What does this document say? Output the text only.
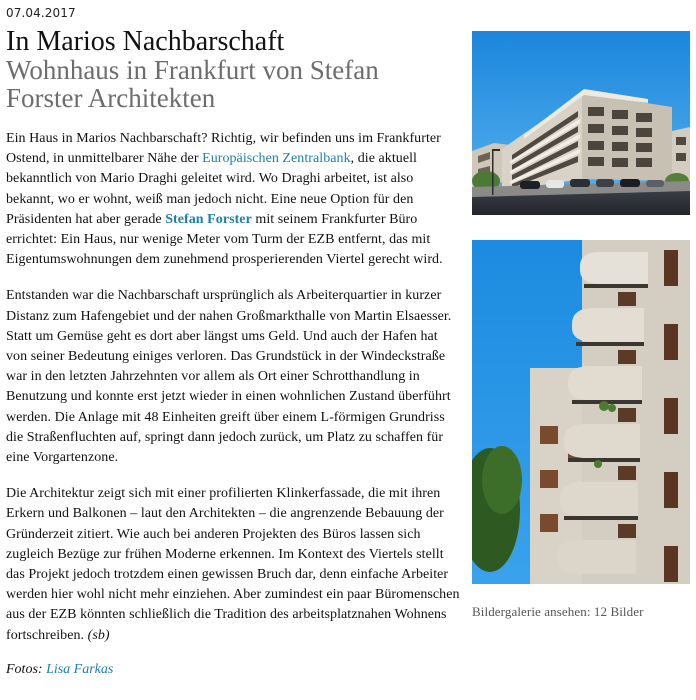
07.04.2017
In Marios Nachbarschaft
Wohnhaus in Frankfurt von Stefan Forster Architekten

Ein Haus in Marios Nachbarschaft? Richtig, wir befinden uns im Frankfurter Ostend, in unmittelbarer Nähe der Europäischen Zentralbank, die aktuell bekanntlich von Mario Draghi geleitet wird. Wo Draghi arbeitet, ist also bekannt, wo er wohnt, weiß man jedoch nicht. Eine neue Option für den Präsidenten hat aber gerade Stefan Forster mit seinem Frankfurter Büro errichtet: Ein Haus, nur wenige Meter vom Turm der EZB entfernt, das mit Eigentumswohnungen dem zunehmend prosperierenden Viertel gerecht wird.

Entstanden war die Nachbarschaft ursprünglich als Arbeiterquartier in kurzer Distanz zum Hafengebiet und der nahen Großmarkthalle von Martin Elsaesser. Statt um Gemüse geht es dort aber längst ums Geld. Und auch der Hafen hat von seiner Bedeutung einiges verloren. Das Grundstück in der Windeckstraße war in den letzten Jahrzehnten vor allem als Ort einer Schrotthandlung in Benutzung und konnte erst jetzt wieder in einen wohnlichen Zustand überführt werden. Die Anlage mit 48 Einheiten greift über einem L-förmigen Grundriss die Straßenfluchten auf, springt dann jedoch zurück, um Platz zu schaffen für eine Vorgartenzone.

Die Architektur zeigt sich mit einer profilierten Klinkerfassade, die mit ihren Erkern und Balkonen – laut den Architekten – die angrenzende Bebauung der Gründerzeit zitiert. Wie auch bei anderen Projekten des Büros lassen sich zugleich Bezüge zur frühen Moderne erkennen. Im Kontext des Viertels stellt das Projekt jedoch trotzdem einen gewissen Bruch dar, denn einfache Arbeiter werden hier wohl nicht mehr einziehen. Aber zumindest ein paar Büromenschen aus der EZB könnten schließlich die Tradition des arbeitsplatznahen Wohnens fortschreiben. (sb)

Fotos: Lisa Farkas
Bildergalerie ansehen: 12 Bilder
